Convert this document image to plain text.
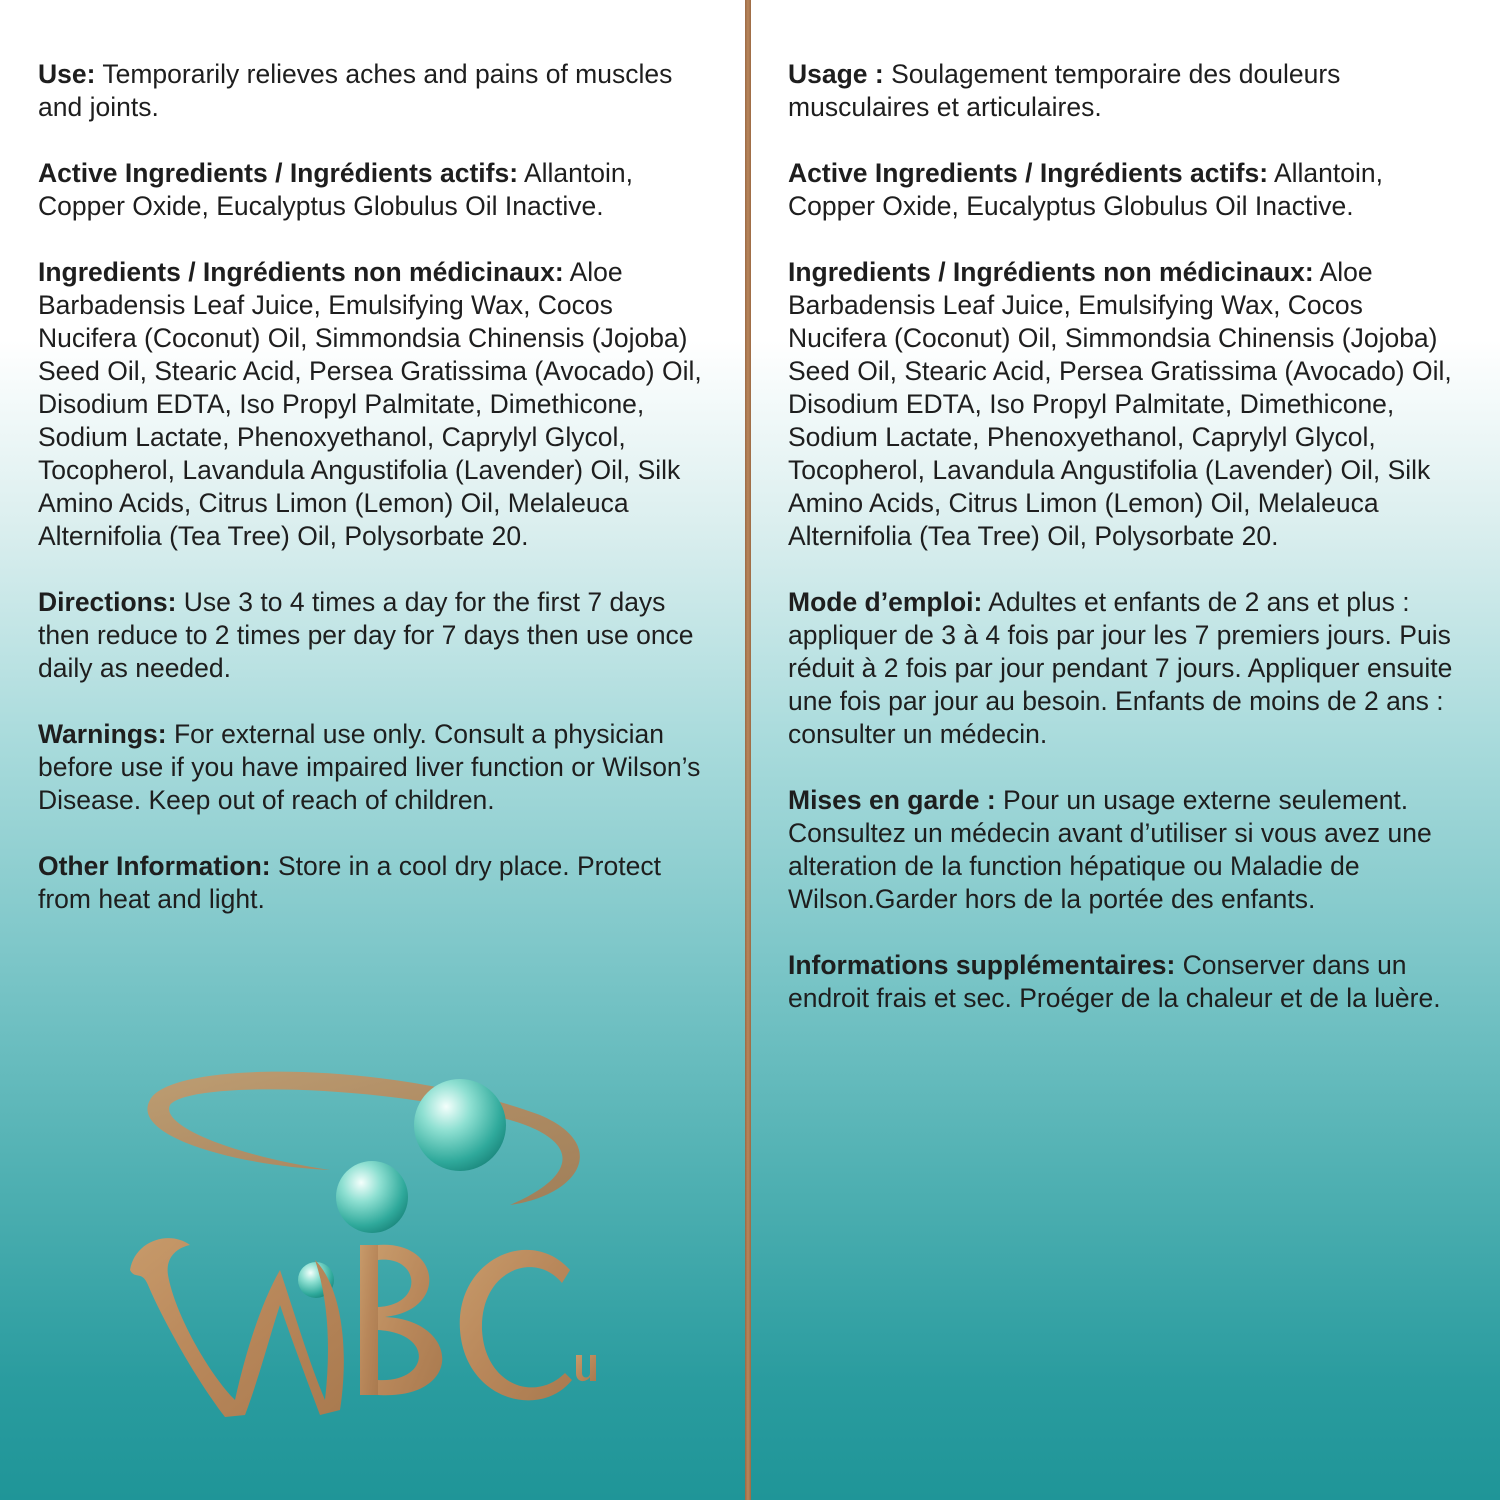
Use: Temporarily relieves aches and pains of muscles and joints.

Active Ingredients / Ingrédients actifs: Allantoin, Copper Oxide, Eucalyptus Globulus Oil Inactive.

Ingredients / Ingrédients non médicinaux: Aloe Barbadensis Leaf Juice, Emulsifying Wax, Cocos Nucifera (Coconut) Oil, Simmondsia Chinensis (Jojoba) Seed Oil, Stearic Acid, Persea Gratissima (Avocado) Oil, Disodium EDTA, Iso Propyl Palmitate, Dimethicone, Sodium Lactate, Phenoxyethanol, Caprylyl Glycol, Tocopherol, Lavandula Angustifolia (Lavender) Oil, Silk Amino Acids, Citrus Limon (Lemon) Oil, Melaleuca Alternifolia (Tea Tree) Oil, Polysorbate 20.

Directions: Use 3 to 4 times a day for the first 7 days then reduce to 2 times per day for 7 days then use once daily as needed.

Warnings: For external use only. Consult a physician before use if you have impaired liver function or Wilson’s Disease. Keep out of reach of children.

Other Information: Store in a cool dry place. Protect from heat and light.

Usage : Soulagement temporaire des douleurs musculaires et articulaires.

Active Ingredients / Ingrédients actifs: Allantoin, Copper Oxide, Eucalyptus Globulus Oil Inactive.

Ingredients / Ingrédients non médicinaux: Aloe Barbadensis Leaf Juice, Emulsifying Wax, Cocos Nucifera (Coconut) Oil, Simmondsia Chinensis (Jojoba) Seed Oil, Stearic Acid, Persea Gratissima (Avocado) Oil, Disodium EDTA, Iso Propyl Palmitate, Dimethicone, Sodium Lactate, Phenoxyethanol, Caprylyl Glycol, Tocopherol, Lavandula Angustifolia (Lavender) Oil, Silk Amino Acids, Citrus Limon (Lemon) Oil, Melaleuca Alternifolia (Tea Tree) Oil, Polysorbate 20.

Mode d’emploi: Adultes et enfants de 2 ans et plus : appliquer de 3 à 4 fois par jour les 7 premiers jours. Puis réduit à 2 fois par jour pendant 7 jours. Appliquer ensuite une fois par jour au besoin. Enfants de moins de 2 ans : consulter un médecin.

Mises en garde : Pour un usage externe seulement. Consultez un médecin avant d’utiliser si vous avez une alteration de la function hépatique ou Maladie de Wilson.Garder hors de la portée des enfants.

Informations supplémentaires: Conserver dans un endroit frais et sec. Proéger de la chaleur et de la luère.
